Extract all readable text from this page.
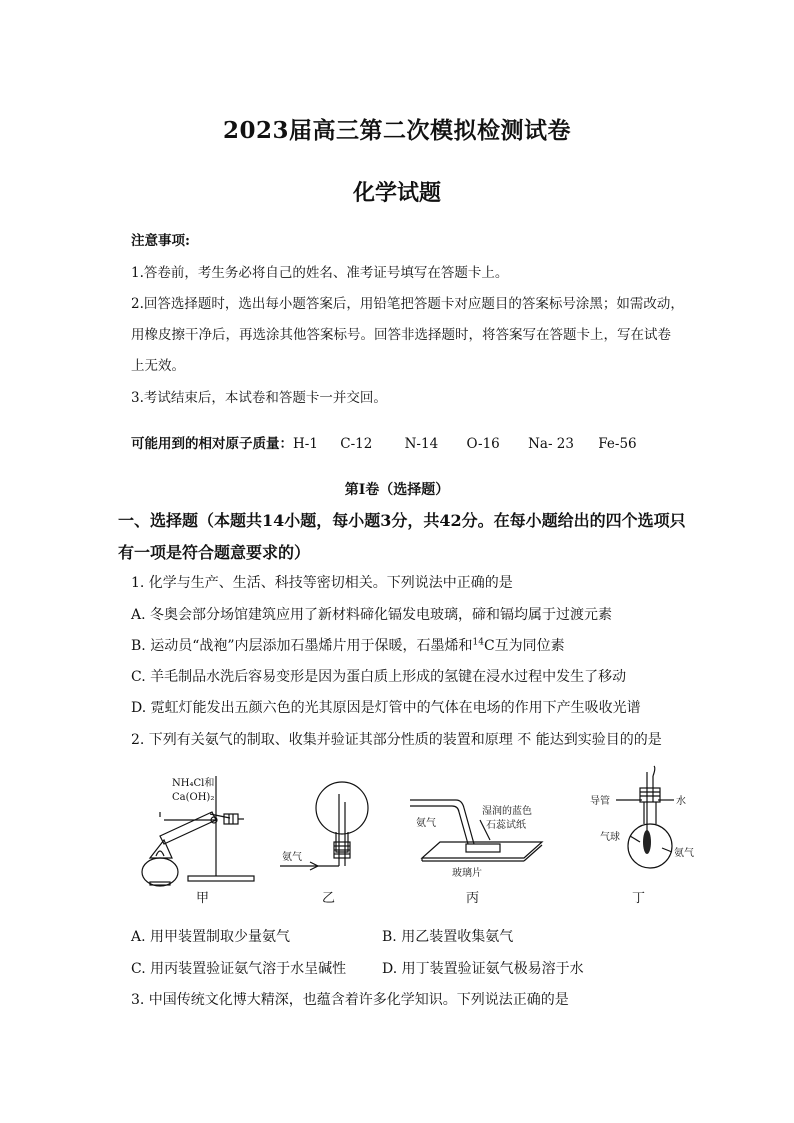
2023届高三第二次模拟检测试卷
化学试题
注意事项:
1.答卷前，考生务必将自己的姓名、准考证号填写在答题卡上。
2.回答选择题时，选出每小题答案后，用铅笔把答题卡对应题目的答案标号涂黑；如需改动，
用橡皮擦干净后，再选涂其他答案标号。回答非选择题时，将答案写在答题卡上，写在试卷
上无效。
3.考试结束后，本试卷和答题卡一并交回。
可能用到的相对原子质量：H-1 C-12 N-14 O-16 Na- 23 Fe-56
第Ⅰ卷（选择题）
一、选择题（本题共14小题，每小题3分，共42分。在每小题给出的四个选项只
有一项是符合题意要求的）
1. 化学与生产、生活、科技等密切相关。下列说法中正确的是
A. 冬奥会部分场馆建筑应用了新材料碲化镉发电玻璃，碲和镉均属于过渡元素
B. 运动员“战袍”内层添加石墨烯片用于保暖，石墨烯和$^{14}$C互为同位素
C. 羊毛制品水洗后容易变形是因为蛋白质上形成的氢键在浸水过程中发生了移动
D. 霓虹灯能发出五颜六色的光其原因是灯管中的气体在电场的作用下产生吸收光谱
2. 下列有关氨气的制取、收集并验证其部分性质的装置和原理 不 能达到实验目的的是
NH₄Cl和
Ca(OH)₂
氨气
氨气
湿润的蓝色
石蕊试纸
玻璃片
导管	水
气球
氨气
甲	乙	丙	丁
A. 用甲装置制取少量氨气	B. 用乙装置收集氨气
C. 用丙装置验证氨气溶于水呈碱性	D. 用丁装置验证氨气极易溶于水
3. 中国传统文化博大精深，也蕴含着许多化学知识。下列说法正确的是
